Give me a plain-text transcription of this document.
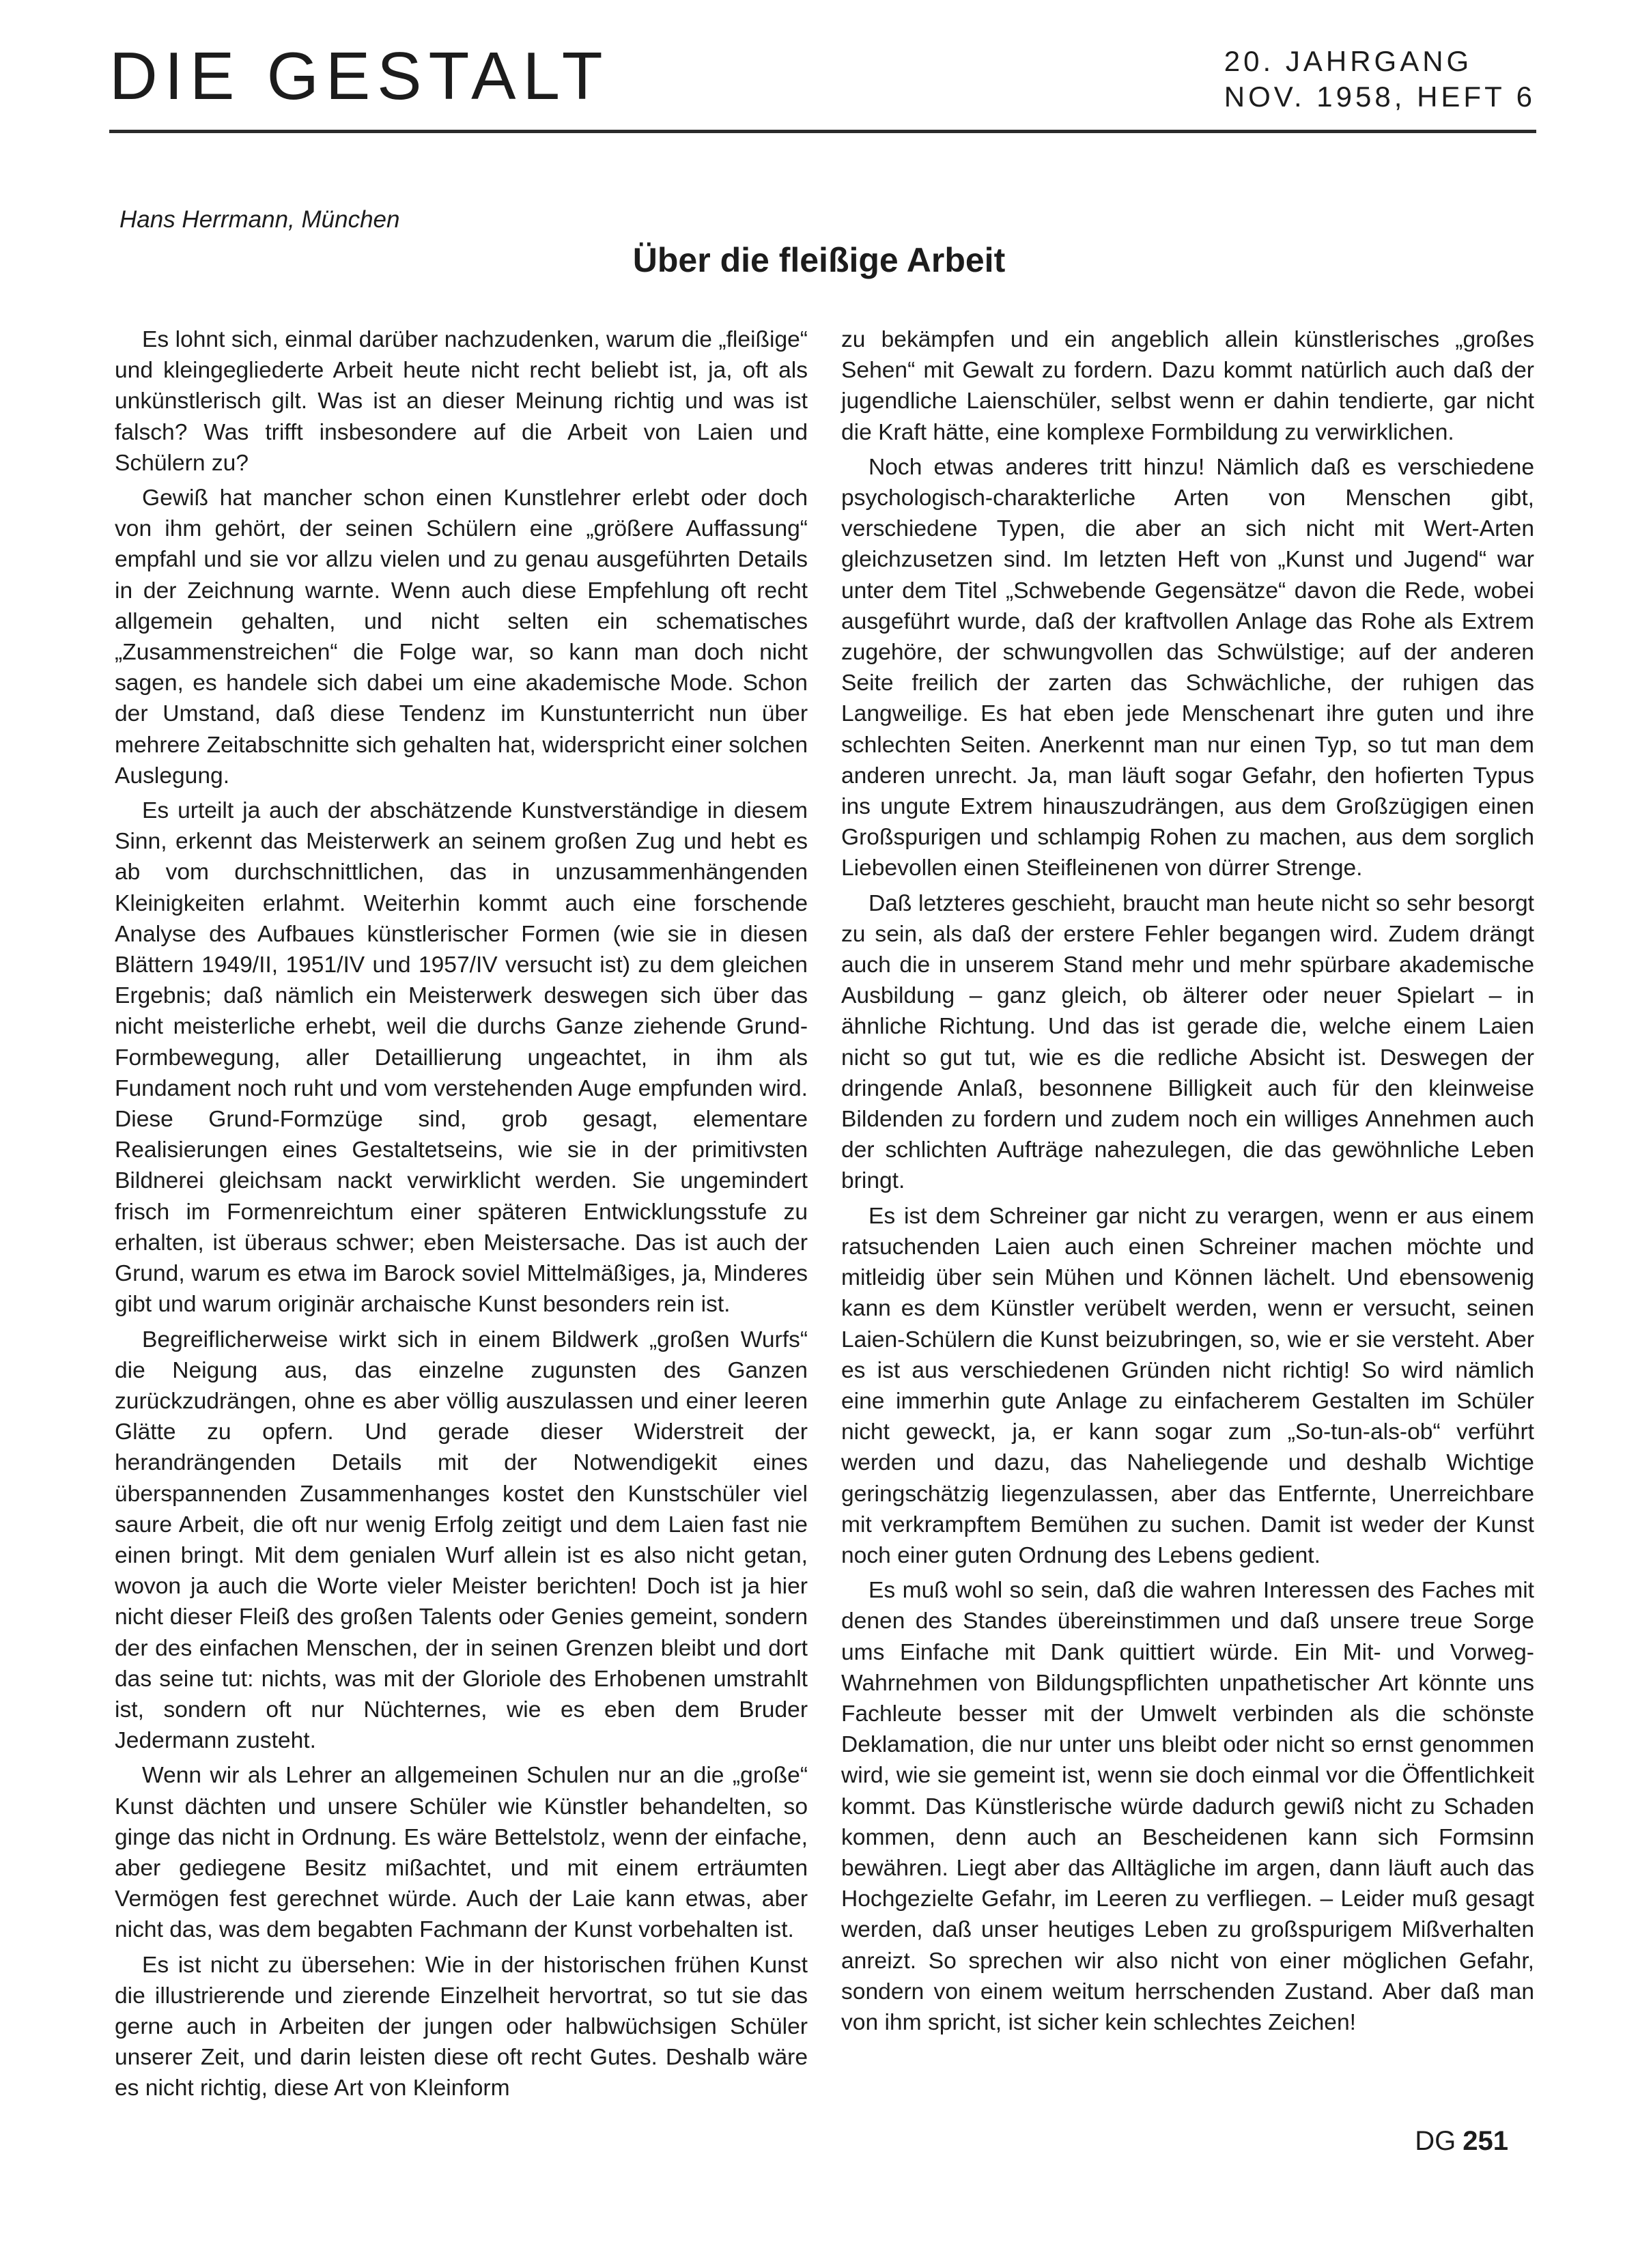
DIE GESTALT	20. JAHRGANG
NOV. 1958, HEFT 6
Hans Herrmann, München
Über die fleißige Arbeit

Es lohnt sich, einmal darüber nachzudenken, warum die „fleißige“ und kleingegliederte Arbeit heute nicht recht beliebt ist, ja, oft als unkünstlerisch gilt. Was ist an dieser Meinung richtig und was ist falsch? Was trifft insbesondere auf die Arbeit von Laien und Schülern zu?

Gewiß hat mancher schon einen Kunstlehrer erlebt oder doch von ihm gehört, der seinen Schülern eine „größere Auffassung“ empfahl und sie vor allzu vielen und zu genau ausgeführten Details in der Zeichnung warnte. Wenn auch diese Empfehlung oft recht allgemein gehalten, und nicht selten ein schematisches „Zusammenstreichen“ die Folge war, so kann man doch nicht sagen, es handele sich dabei um eine akademische Mode. Schon der Umstand, daß diese Tendenz im Kunstunterricht nun über mehrere Zeitabschnitte sich gehalten hat, widerspricht einer solchen Auslegung.

Es urteilt ja auch der abschätzende Kunstverständige in diesem Sinn, erkennt das Meisterwerk an seinem großen Zug und hebt es ab vom durchschnittlichen, das in unzusammenhängenden Kleinigkeiten erlahmt. Weiterhin kommt auch eine forschende Analyse des Aufbaues künstlerischer Formen (wie sie in diesen Blättern 1949/II, 1951/IV und 1957/IV versucht ist) zu dem gleichen Ergebnis; daß nämlich ein Meisterwerk deswegen sich über das nicht meisterliche erhebt, weil die durchs Ganze ziehende Grund-Formbewegung, aller Detaillierung ungeachtet, in ihm als Fundament noch ruht und vom verstehenden Auge empfunden wird. Diese Grund-Formzüge sind, grob gesagt, elementare Realisierungen eines Gestaltetseins, wie sie in der primitivsten Bildnerei gleichsam nackt verwirklicht werden. Sie ungemindert frisch im Formenreichtum einer späteren Entwicklungsstufe zu erhalten, ist überaus schwer; eben Meistersache. Das ist auch der Grund, warum es etwa im Barock soviel Mittelmäßiges, ja, Minderes gibt und warum originär archaische Kunst besonders rein ist.

Begreiflicherweise wirkt sich in einem Bildwerk „großen Wurfs“ die Neigung aus, das einzelne zugunsten des Ganzen zurückzudrängen, ohne es aber völlig auszulassen und einer leeren Glätte zu opfern. Und gerade dieser Widerstreit der herandrängenden Details mit der Notwendigekit eines überspannenden Zusammenhanges kostet den Kunstschüler viel saure Arbeit, die oft nur wenig Erfolg zeitigt und dem Laien fast nie einen bringt. Mit dem genialen Wurf allein ist es also nicht getan, wovon ja auch die Worte vieler Meister berichten! Doch ist ja hier nicht dieser Fleiß des großen Talents oder Genies gemeint, sondern der des einfachen Menschen, der in seinen Grenzen bleibt und dort das seine tut: nichts, was mit der Gloriole des Erhobenen umstrahlt ist, sondern oft nur Nüchternes, wie es eben dem Bruder Jedermann zusteht.

Wenn wir als Lehrer an allgemeinen Schulen nur an die „große“ Kunst dächten und unsere Schüler wie Künstler behandelten, so ginge das nicht in Ordnung. Es wäre Bettelstolz, wenn der einfache, aber gediegene Besitz mißachtet, und mit einem erträumten Vermögen fest gerechnet würde. Auch der Laie kann etwas, aber nicht das, was dem begabten Fachmann der Kunst vorbehalten ist.

Es ist nicht zu übersehen: Wie in der historischen frühen Kunst die illustrierende und zierende Einzelheit hervortrat, so tut sie das gerne auch in Arbeiten der jungen oder halbwüchsigen Schüler unserer Zeit, und darin leisten diese oft recht Gutes. Deshalb wäre es nicht richtig, diese Art von Kleinform

zu bekämpfen und ein angeblich allein künstlerisches „großes Sehen“ mit Gewalt zu fordern. Dazu kommt natürlich auch daß der jugendliche Laienschüler, selbst wenn er dahin tendierte, gar nicht die Kraft hätte, eine komplexe Formbildung zu verwirklichen.

Noch etwas anderes tritt hinzu! Nämlich daß es verschiedene psychologisch-charakterliche Arten von Menschen gibt, verschiedene Typen, die aber an sich nicht mit Wert-Arten gleichzusetzen sind. Im letzten Heft von „Kunst und Jugend“ war unter dem Titel „Schwebende Gegensätze“ davon die Rede, wobei ausgeführt wurde, daß der kraftvollen Anlage das Rohe als Extrem zugehöre, der schwungvollen das Schwülstige; auf der anderen Seite freilich der zarten das Schwächliche, der ruhigen das Langweilige. Es hat eben jede Menschenart ihre guten und ihre schlechten Seiten. Anerkennt man nur einen Typ, so tut man dem anderen unrecht. Ja, man läuft sogar Gefahr, den hofierten Typus ins ungute Extrem hinauszudrängen, aus dem Großzügigen einen Großspurigen und schlampig Rohen zu machen, aus dem sorglich Liebevollen einen Steifleinenen von dürrer Strenge.

Daß letzteres geschieht, braucht man heute nicht so sehr besorgt zu sein, als daß der erstere Fehler begangen wird. Zudem drängt auch die in unserem Stand mehr und mehr spürbare akademische Ausbildung – ganz gleich, ob älterer oder neuer Spielart – in ähnliche Richtung. Und das ist gerade die, welche einem Laien nicht so gut tut, wie es die redliche Absicht ist. Deswegen der dringende Anlaß, besonnene Billigkeit auch für den kleinweise Bildenden zu fordern und zudem noch ein williges Annehmen auch der schlichten Aufträge nahezulegen, die das gewöhnliche Leben bringt.

Es ist dem Schreiner gar nicht zu verargen, wenn er aus einem ratsuchenden Laien auch einen Schreiner machen möchte und mitleidig über sein Mühen und Können lächelt. Und ebensowenig kann es dem Künstler verübelt werden, wenn er versucht, seinen Laien-Schülern die Kunst beizubringen, so, wie er sie versteht. Aber es ist aus verschiedenen Gründen nicht richtig! So wird nämlich eine immerhin gute Anlage zu einfacherem Gestalten im Schüler nicht geweckt, ja, er kann sogar zum „So-tun-als-ob“ verführt werden und dazu, das Naheliegende und deshalb Wichtige geringschätzig liegenzulassen, aber das Entfernte, Unerreichbare mit verkrampftem Bemühen zu suchen. Damit ist weder der Kunst noch einer guten Ordnung des Lebens gedient.

Es muß wohl so sein, daß die wahren Interessen des Faches mit denen des Standes übereinstimmen und daß unsere treue Sorge ums Einfache mit Dank quittiert würde. Ein Mit- und Vorweg-Wahrnehmen von Bildungspflichten unpathetischer Art könnte uns Fachleute besser mit der Umwelt verbinden als die schönste Deklamation, die nur unter uns bleibt oder nicht so ernst genommen wird, wie sie gemeint ist, wenn sie doch einmal vor die Öffentlichkeit kommt. Das Künstlerische würde dadurch gewiß nicht zu Schaden kommen, denn auch an Bescheidenen kann sich Formsinn bewähren. Liegt aber das Alltägliche im argen, dann läuft auch das Hochgezielte Gefahr, im Leeren zu verfliegen. – Leider muß gesagt werden, daß unser heutiges Leben zu großspurigem Mißverhalten anreizt. So sprechen wir also nicht von einer möglichen Gefahr, sondern von einem weitum herrschenden Zustand. Aber daß man von ihm spricht, ist sicher kein schlechtes Zeichen!

DG 251
